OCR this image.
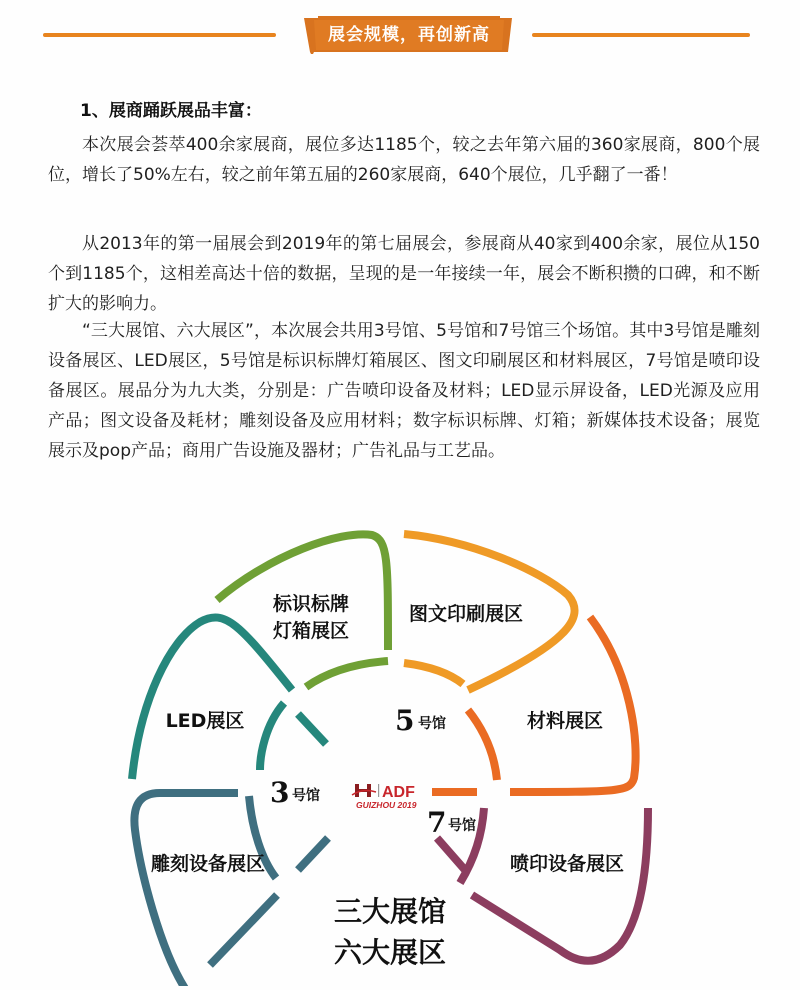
展会规模，再创新高
1、展商踊跃展品丰富：

本次展会荟萃400余家展商，展位多达1185个，较之去年第六届的360家展商，800个展位，增长了50%左右，较之前年第五届的260家展商，640个展位，几乎翻了一番！

从2013年的第一届展会到2019年的第七届展会，参展商从40家到400余家，展位从150个到1185个，这相差高达十倍的数据，呈现的是一年接续一年，展会不断积攒的口碑，和不断扩大的影响力。

“三大展馆、六大展区”，本次展会共用3号馆、5号馆和7号馆三个场馆。其中3号馆是雕刻设备展区、LED展区，5号馆是标识标牌灯箱展区、图文印刷展区和材料展区，7号馆是喷印设备展区。展品分为九大类，分别是：广告喷印设备及材料；LED显示屏设备，LED光源及应用产品；图文设备及耗材；雕刻设备及应用材料；数字标识标牌、灯箱；新媒体技术设备；展览展示及pop产品；商用广告设施及器材；广告礼品与工艺品。

标识标牌
灯箱展区
图文印刷展区
材料展区
LED展区
雕刻设备展区	喷印设备展区
5 号馆
3 号馆
7 号馆
ADF
GUIZHOU 2019
三大展馆
六大展区
